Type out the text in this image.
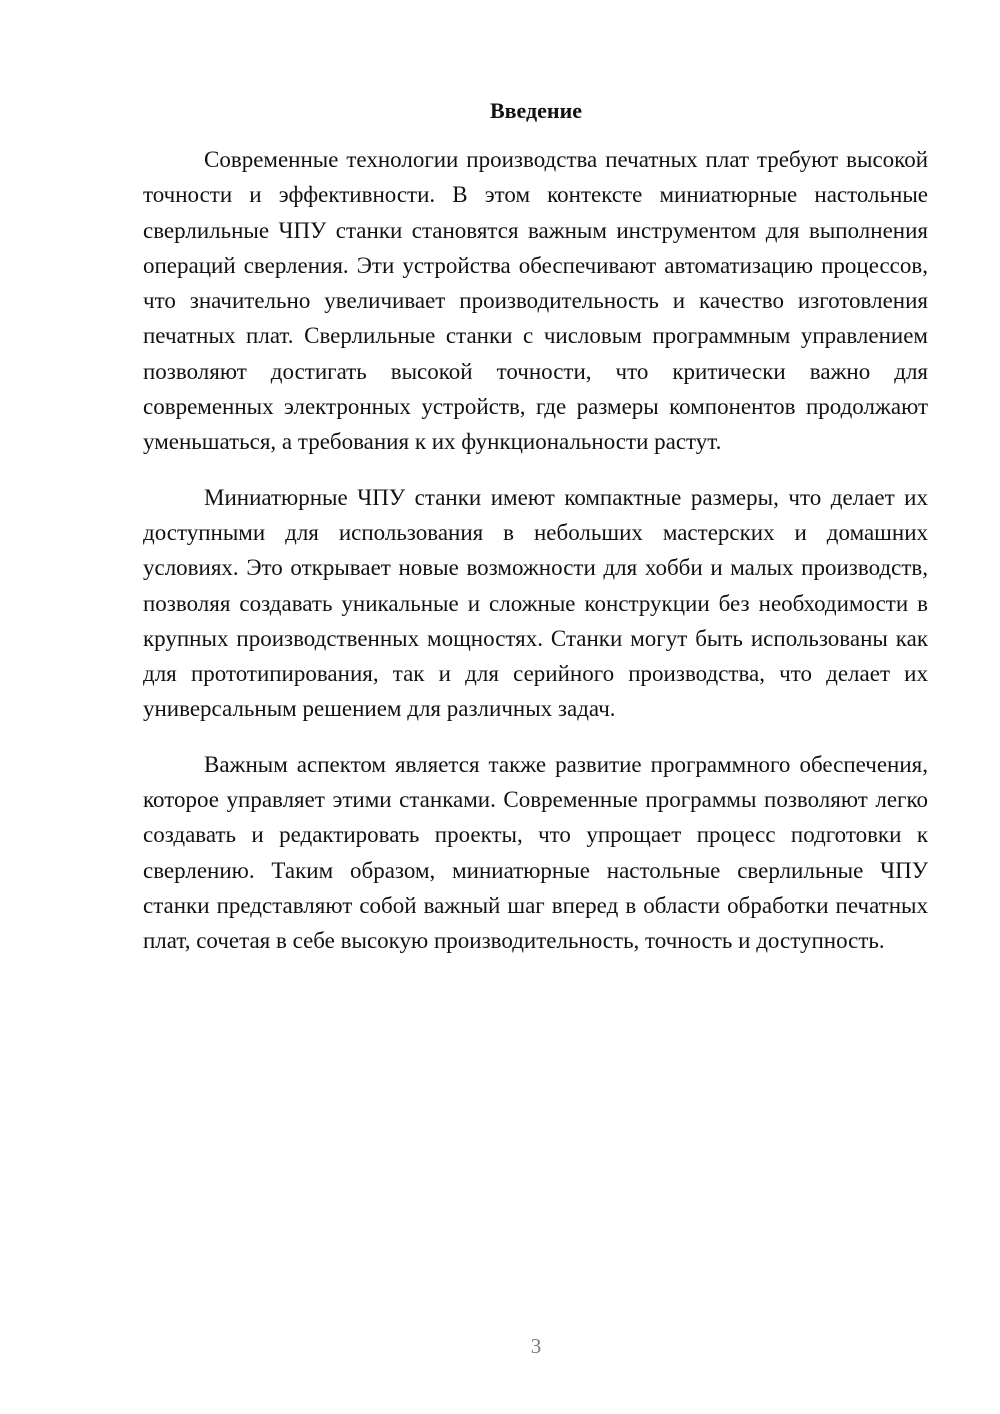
Введение

Современные технологии производства печатных плат требуют высокой точности и эффективности. В этом контексте миниатюрные настольные сверлильные ЧПУ станки становятся важным инструментом для выполнения операций сверления. Эти устройства обеспечивают автоматизацию процессов, что значительно увеличивает производительность и качество изготовления печатных плат. Сверлильные станки с числовым программным управлением позволяют достигать высокой точности, что критически важно для современных электронных устройств, где размеры компонентов продолжают уменьшаться, а требования к их функциональности растут.

Миниатюрные ЧПУ станки имеют компактные размеры, что делает их доступными для использования в небольших мастерских и домашних условиях. Это открывает новые возможности для хобби и малых производств, позволяя создавать уникальные и сложные конструкции без необходимости в крупных производственных мощностях. Станки могут быть использованы как для прототипирования, так и для серийного производства, что делает их универсальным решением для различных задач.

Важным аспектом является также развитие программного обеспечения, которое управляет этими станками. Современные программы позволяют легко создавать и редактировать проекты, что упрощает процесс подготовки к сверлению. Таким образом, миниатюрные настольные сверлильные ЧПУ станки представляют собой важный шаг вперед в области обработки печатных плат, сочетая в себе высокую производительность, точность и доступность.

3
